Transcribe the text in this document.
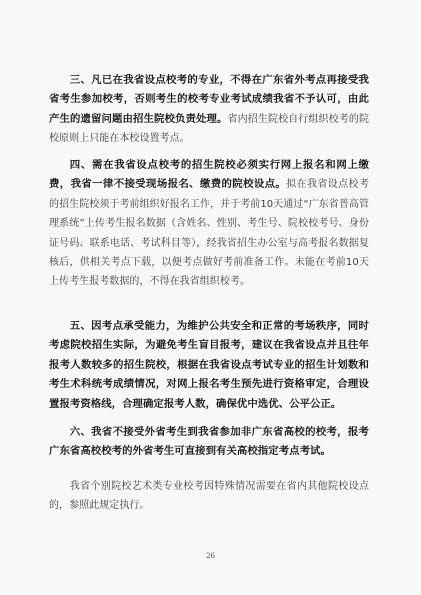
三、凡已在我省设点校考的专业，不得在广东省外考点再接受我省考生参加校考，否则考生的校考专业考试成绩我省不予认可，由此产生的遗留问题由招生院校负责处理。省内招生院校自行组织校考的院校原则上只能在本校设置考点。

四、需在我省设点校考的招生院校必须实行网上报名和网上缴费，我省一律不接受现场报名、缴费的院校设点。拟在我省设点校考的招生院校须于考前组织好报名工作，并于考前10天通过“广东省普高管理系统”上传考生报名数据（含姓名、性别、考生号、院校校考号、身份证号码、联系电话、考试科目等），经我省招生办公室与高考报名数据复核后，供相关考点下载，以便考点做好考前准备工作。未能在考前10天上传考生报考数据的，不得在我省组织校考。

五、因考点承受能力，为维护公共安全和正常的考场秩序，同时考虑院校招生实际，为避免考生盲目报考，建议在我省设点并且往年报考人数较多的招生院校，根据在我省设点考试专业的招生计划数和考生术科统考成绩情况，对网上报名考生预先进行资格审定，合理设置报考资格线，合理确定报考人数，确保优中选优、公平公正。

六、我省不接受外省考生到我省参加非广东省高校的校考，报考广东省高校校考的外省考生可直接到有关高校指定考点考试。

我省个别院校艺术类专业校考因特殊情况需要在省内其他院校设点的，参照此规定执行。

26
